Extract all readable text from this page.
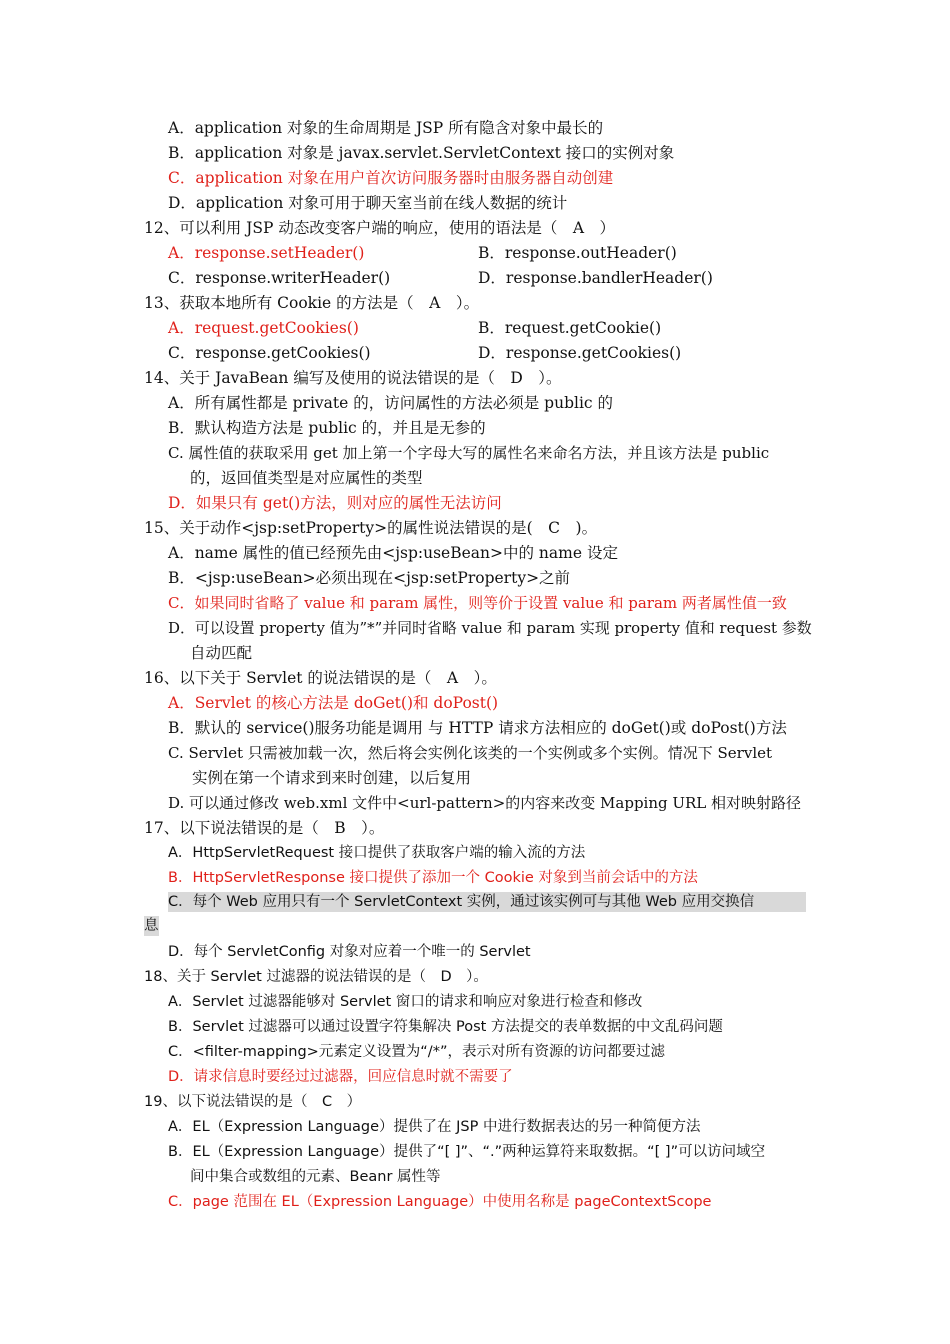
A．application 对象的生命周期是 JSP 所有隐含对象中最长的
B．application 对象是 javax.servlet.ServletContext 接口的实例对象
C．application 对象在用户首次访问服务器时由服务器自动创建
D．application 对象可用于聊天室当前在线人数据的统计
12、可以利用 JSP 动态改变客户端的响应，使用的语法是（　A　）
A．response.setHeader()	B．response.outHeader()
C．response.writerHeader()	D．response.bandlerHeader()
13、获取本地所有 Cookie 的方法是（　A　）。
A．request.getCookies()	B．request.getCookie()
C．response.getCookies()	D．response.getCookies()
14、关于 JavaBean 编写及使用的说法错误的是（　D　）。
A．所有属性都是 private 的，访问属性的方法必须是 public 的
B．默认构造方法是 public 的，并且是无参的
C. 属性值的获取采用 get 加上第一个字母大写的属性名来命名方法，并且该方法是 public
的，返回值类型是对应属性的类型
D．如果只有 get()方法，则对应的属性无法访问
15、关于动作<jsp:setProperty>的属性说法错误的是(　C　)。
A．name 属性的值已经预先由<jsp:useBean>中的 name 设定
B．<jsp:useBean>必须出现在<jsp:setProperty>之前
C．如果同时省略了 value 和 param 属性，则等价于设置 value 和 param 两者属性值一致
D．可以设置 property 值为”*”并同时省略 value 和 param 实现 property 值和 request 参数
自动匹配
16、以下关于 Servlet 的说法错误的是（　A　）。
A．Servlet 的核心方法是 doGet()和 doPost()
B．默认的 service()服务功能是调用 与 HTTP 请求方法相应的 doGet()或 doPost()方法
C. Servlet 只需被加载一次，然后将会实例化该类的一个实例或多个实例。情况下 Servlet
实例在第一个请求到来时创建，以后复用
D. 可以通过修改 web.xml 文件中<url-pattern>的内容来改变 Mapping URL 相对映射路径
17、以下说法错误的是（　B　）。
A．HttpServletRequest 接口提供了获取客户端的输入流的方法
B．HttpServletResponse 接口提供了添加一个 Cookie 对象到当前会话中的方法
C．每个 Web 应用只有一个 ServletContext 实例，通过该实例可与其他 Web 应用交换信
息
D．每个 ServletConfig 对象对应着一个唯一的 Servlet
18、关于 Servlet 过滤器的说法错误的是（　D　）。
A．Servlet 过滤器能够对 Servlet 窗口的请求和响应对象进行检查和修改
B．Servlet 过滤器可以通过设置字符集解决 Post 方法提交的表单数据的中文乱码问题
C．<filter-mapping>元素定义设置为“/*”，表示对所有资源的访问都要过滤
D．请求信息时要经过过滤器，回应信息时就不需要了
19、以下说法错误的是（　C　）
A．EL（Expression Language）提供了在 JSP 中进行数据表达的另一种简便方法
B．EL（Expression Language）提供了“[ ]”、“.”两种运算符来取数据。“[ ]”可以访问域空
间中集合或数组的元素、Beanr 属性等
C．page 范围在 EL（Expression Language）中使用名称是 pageContextScope
